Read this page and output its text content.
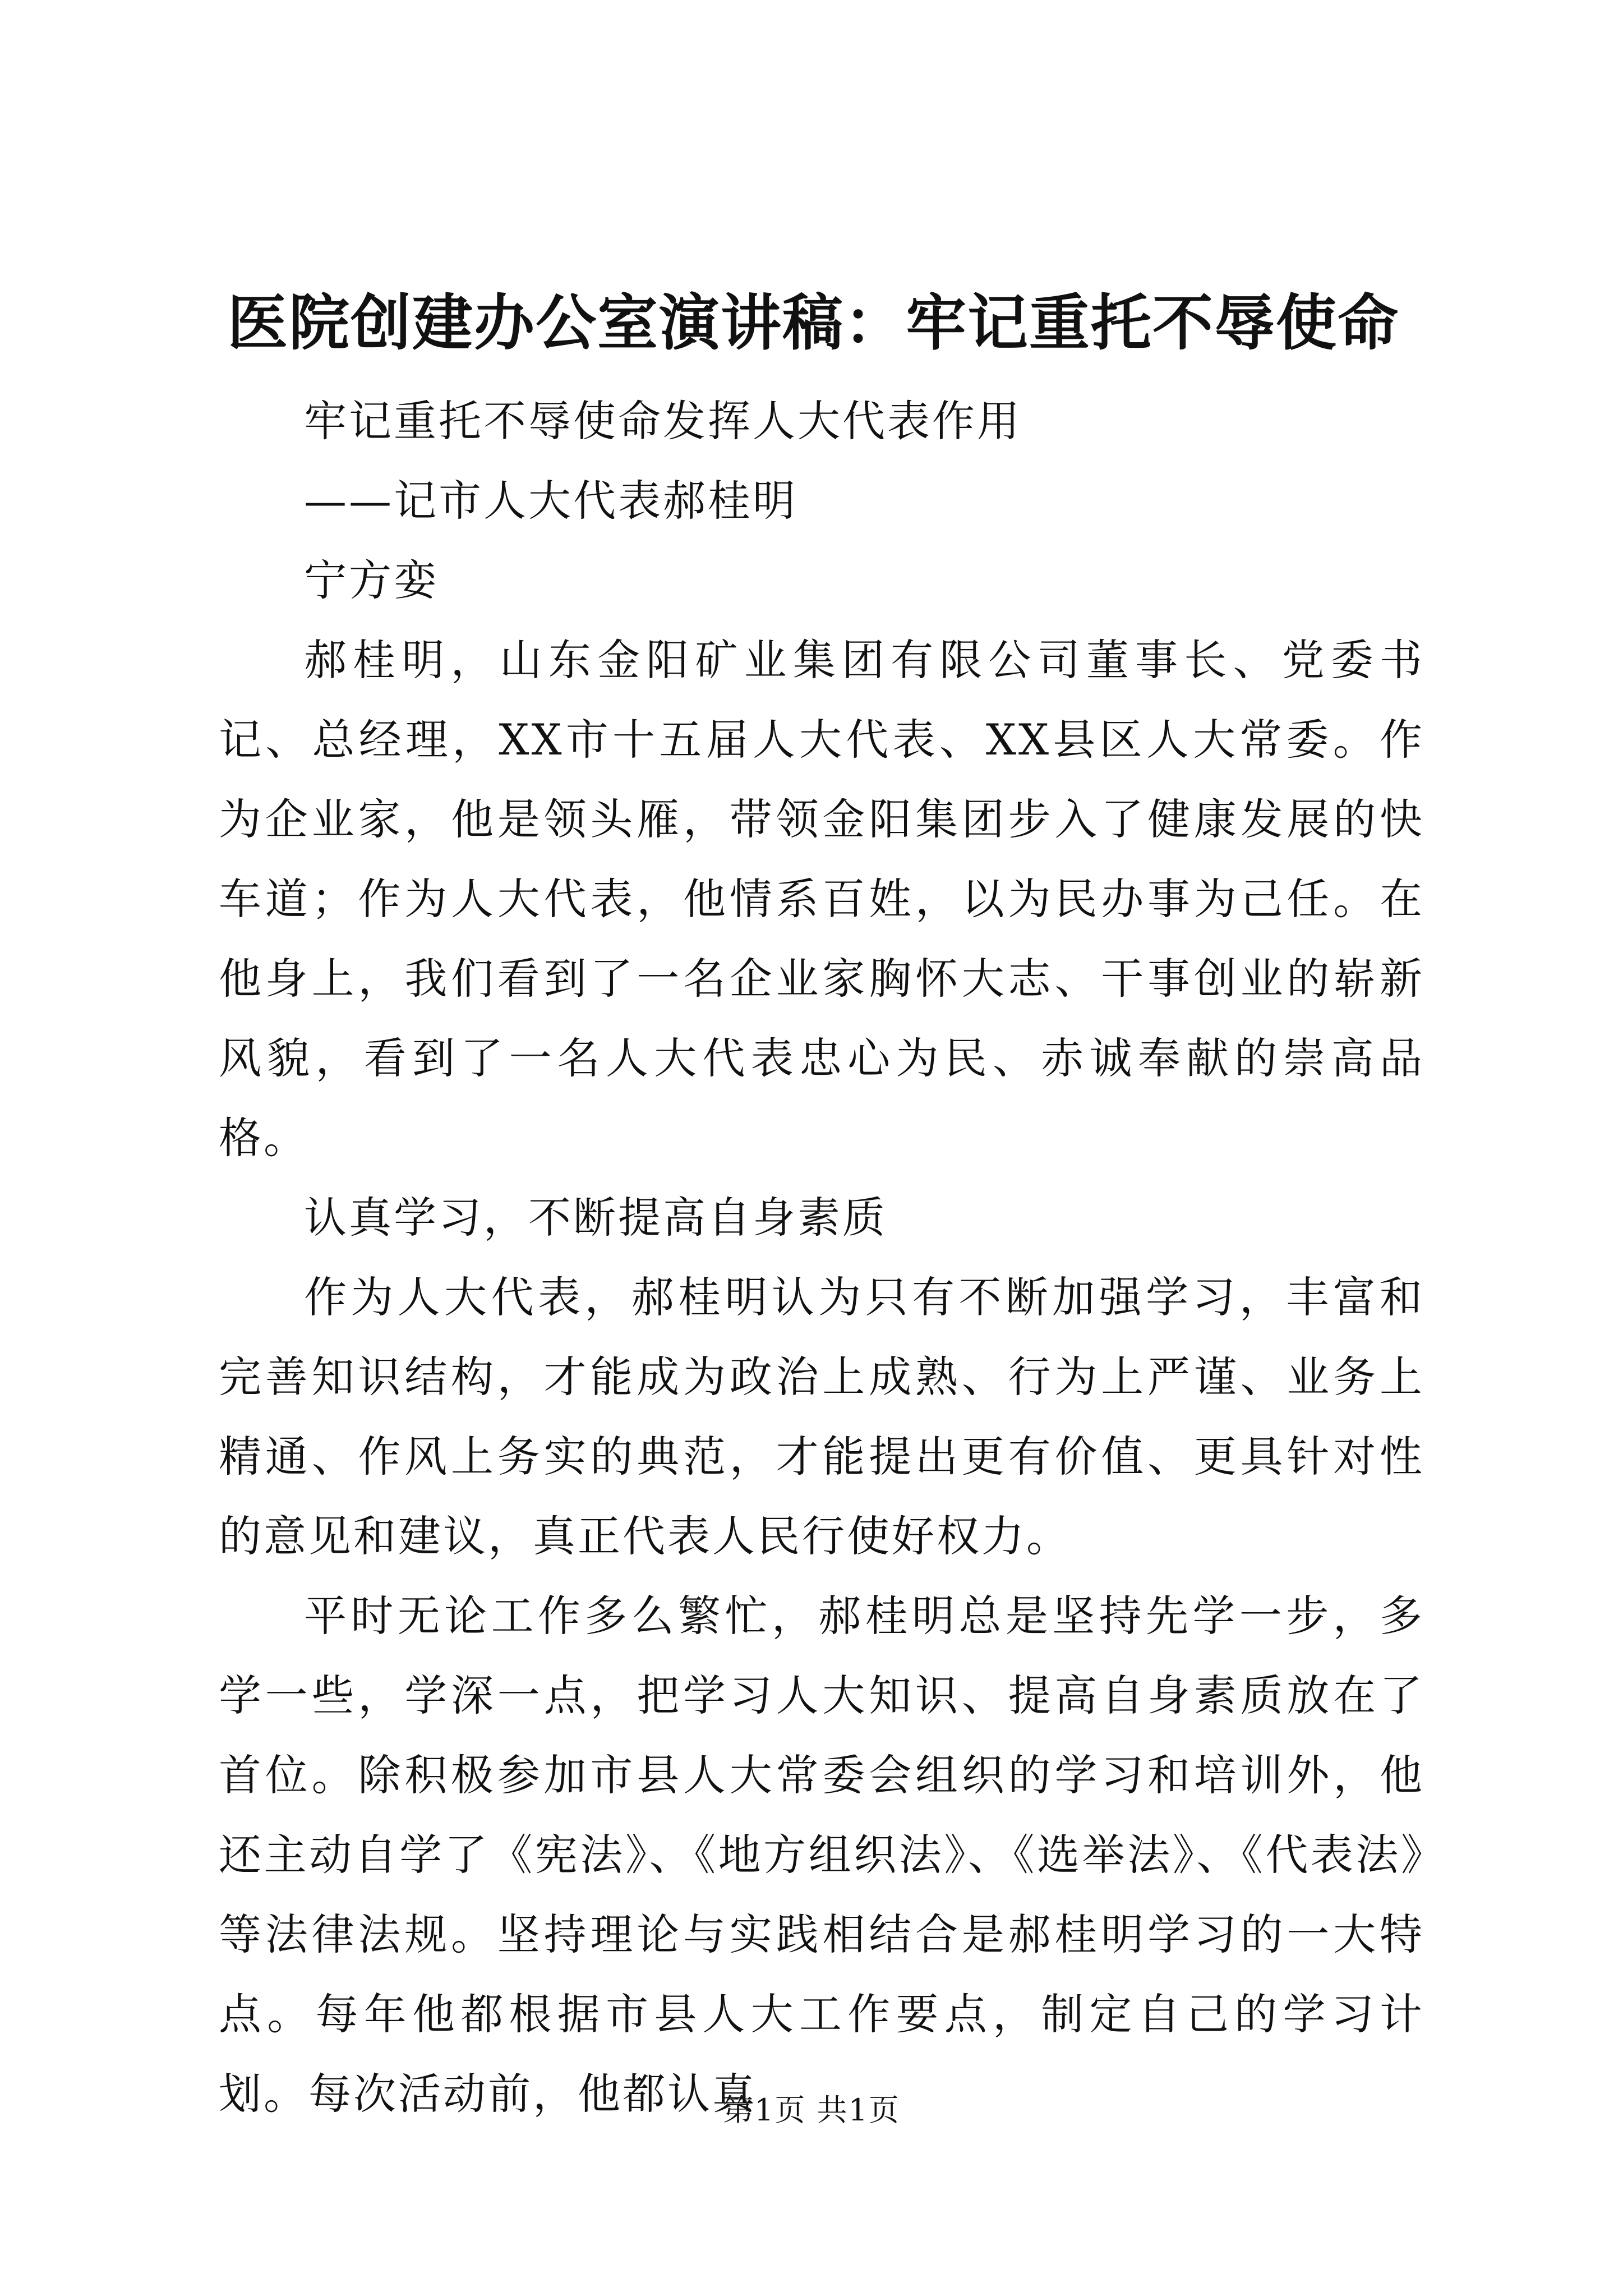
医院创建办公室演讲稿：牢记重托不辱使命

牢记重托不辱使命发挥人大代表作用

——记市人大代表郝桂明

宁方娈

郝桂明，山东金阳矿业集团有限公司董事长、党委书记、总经理，XX市十五届人大代表、XX县区人大常委。作为企业家，他是领头雁，带领金阳集团步入了健康发展的快车道；作为人大代表，他情系百姓，以为民办事为己任。在他身上，我们看到了一名企业家胸怀大志、干事创业的崭新风貌，看到了一名人大代表忠心为民、赤诚奉献的崇高品格。

认真学习，不断提高自身素质

作为人大代表，郝桂明认为只有不断加强学习，丰富和完善知识结构，才能成为政治上成熟、行为上严谨、业务上精通、作风上务实的典范，才能提出更有价值、更具针对性的意见和建议，真正代表人民行使好权力。

平时无论工作多么繁忙，郝桂明总是坚持先学一步，多学一些，学深一点，把学习人大知识、提高自身素质放在了首位。除积极参加市县人大常委会组织的学习和培训外，他还主动自学了《宪法》、《地方组织法》、《选举法》、《代表法》等法律法规。坚持理论与实践相结合是郝桂明学习的一大特点。每年他都根据市县人大工作要点，制定自己的学习计划。每次活动前，他都认真

第1页 共1页
